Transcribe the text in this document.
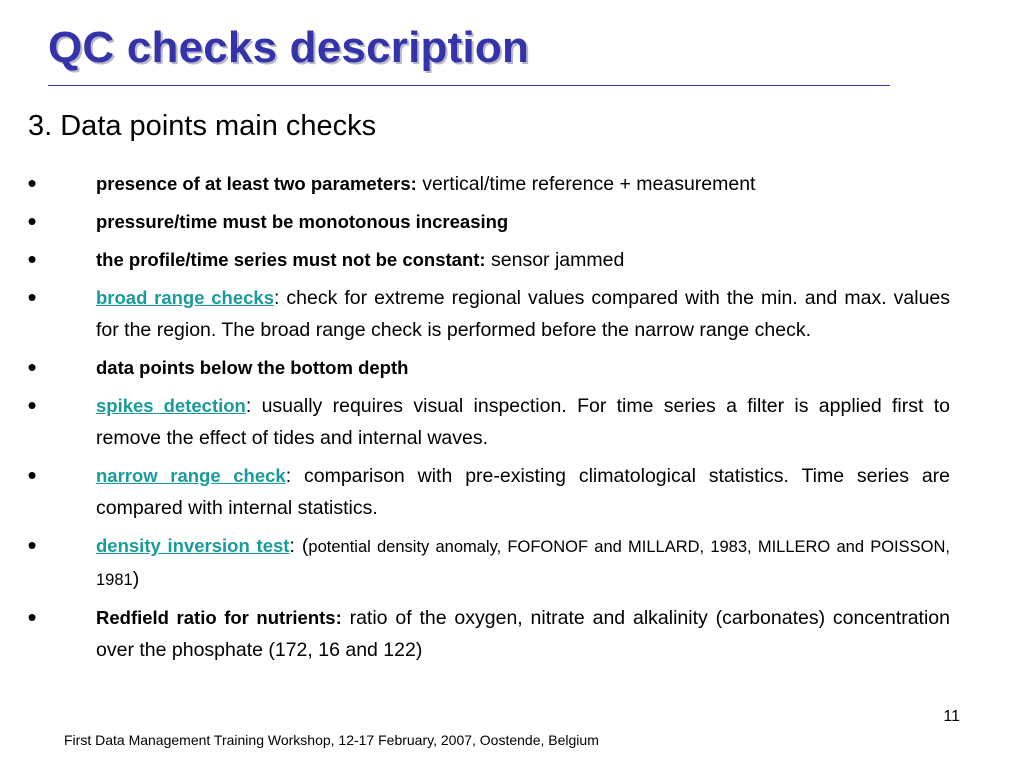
QC checks description
3. Data points main checks
•	presence of at least two parameters: vertical/time reference + measurement
•	pressure/time must be monotonous increasing
•	the profile/time series must not be constant: sensor jammed
•	broad range checks: check for extreme regional values compared with the min. and max. values for the region. The broad range check is performed before the narrow range check.
•	data points below the bottom depth
•	spikes detection: usually requires visual inspection. For time series a filter is applied first to remove the effect of tides and internal waves.
•	narrow range check: comparison with pre-existing climatological statistics. Time series are compared with internal statistics.
•	density inversion test: (potential density anomaly, FOFONOF and MILLARD, 1983, MILLERO and POISSON, 1981)
•	Redfield ratio for nutrients: ratio of the oxygen, nitrate and alkalinity (carbonates) concentration over the phosphate (172, 16 and 122)
11
First Data Management Training Workshop, 12-17 February, 2007, Oostende, Belgium
